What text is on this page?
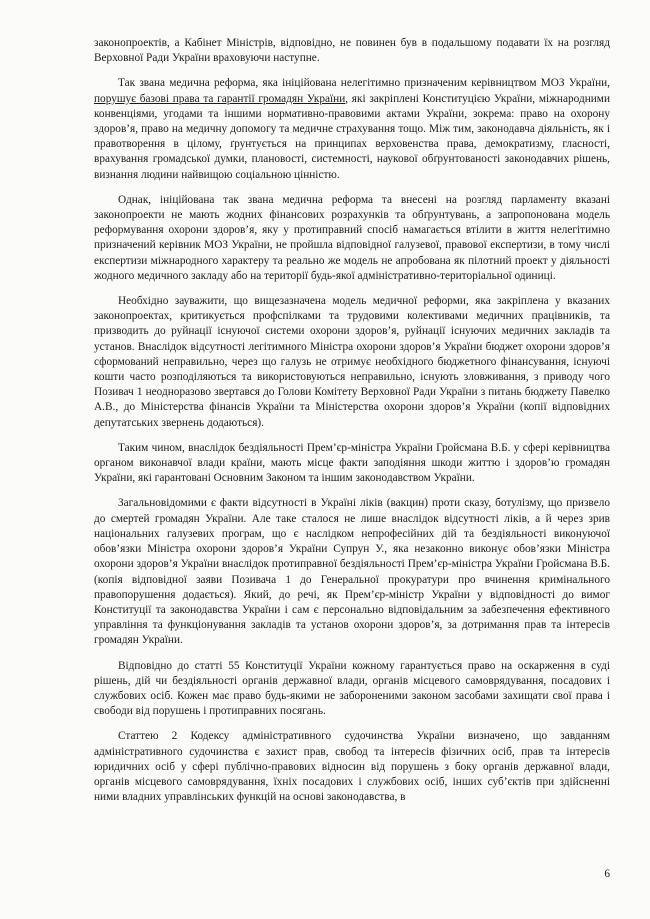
законопроектів, а Кабінет Міністрів, відповідно, не повинен був в подальшому подавати їх на розгляд Верховної Ради України враховуючи наступне.

Так звана медична реформа, яка ініційована нелегітимно призначеним керівництвом МОЗ України, порушує базові права та гарантії громадян України, які закріплені Конституцією України, міжнародними конвенціями, угодами та іншими нормативно-правовими актами України, зокрема: право на охорону здоров’я, право на медичну допомогу та медичне страхування тощо. Між тим, законодавча діяльність, як і правотворення в цілому, ґрунтується на принципах верховенства права, демократизму, гласності, врахування громадської думки, плановості, системності, наукової обґрунтованості законодавчих рішень, визнання людини найвищою соціальною цінністю.

Однак, ініційована так звана медична реформа та внесені на розгляд парламенту вказані законопроекти не мають жодних фінансових розрахунків та обґрунтувань, а запропонована модель реформування охорони здоров’я, яку у протиправний спосіб намагається втілити в життя нелегітимно призначений керівник МОЗ України, не пройшла відповідної галузевої, правової експертизи, в тому числі експертизи міжнародного характеру та реально же модель не апробована як пілотний проект у діяльності жодного медичного закладу або на території будь-якої адміністративно-територіальної одиниці.

Необхідно зауважити, що вищезазначена модель медичної реформи, яка закріплена у вказаних законопроектах, критикується профспілками та трудовими колективами медичних працівників, та призводить до руйнації існуючої системи охорони здоров’я, руйнації існуючих медичних закладів та установ. Внаслідок відсутності легітимного Міністра охорони здоров’я України бюджет охорони здоров’я сформований неправильно, через що галузь не отримує необхідного бюджетного фінансування, існуючі кошти часто розподіляються та використовуються неправильно, існують зловживання, з приводу чого Позивач 1 неодноразово звертався до Голови Комітету Верховної Ради України з питань бюджету Павелко А.В., до Міністерства фінансів України та Міністерства охорони здоров’я України (копії відповідних депутатських звернень додаються).

Таким чином, внаслідок бездіяльності Прем’єр-міністра України Гройсмана В.Б. у сфері керівництва органом виконавчої влади країни, мають місце факти заподіяння шкоди життю і здоров’ю громадян України, які гарантовані Основним Законом та іншим законодавством України.

Загальновідомими є факти відсутності в Україні ліків (вакцин) проти сказу, ботулізму, що призвело до смертей громадян України. Але таке сталося не лише внаслідок відсутності ліків, а й через зрив національних галузевих програм, що є наслідком непрофесійних дій та бездіяльності виконуючої обов’язки Міністра охорони здоров’я України Супрун У., яка незаконно виконує обов’язки Міністра охорони здоров’я України внаслідок протиправної бездіяльності Прем’єр-міністра України Гройсмана В.Б. (копія відповідної заяви Позивача 1 до Генеральної прокуратури про вчинення кримінального правопорушення додається). Який, до речі, як Прем’єр-міністр України у відповідності до вимог Конституції та законодавства України і сам є персонально відповідальним за забезпечення ефективного управління та функціонування закладів та установ охорони здоров’я, за дотримання прав та інтересів громадян України.

Відповідно до статті 55 Конституції України кожному гарантується право на оскарження в суді рішень, дій чи бездіяльності органів державної влади, органів місцевого самоврядування, посадових і службових осіб. Кожен має право будь-якими не забороненими законом засобами захищати свої права і свободи від порушень і протиправних посягань.

Статтею 2 Кодексу адміністративного судочинства України визначено, що завданням адміністративного судочинства є захист прав, свобод та інтересів фізичних осіб, прав та інтересів юридичних осіб у сфері публічно-правових відносин від порушень з боку органів державної влади, органів місцевого самоврядування, їхніх посадових і службових осіб, інших суб’єктів при здійсненні ними владних управлінських функцій на основі законодавства, в

6
